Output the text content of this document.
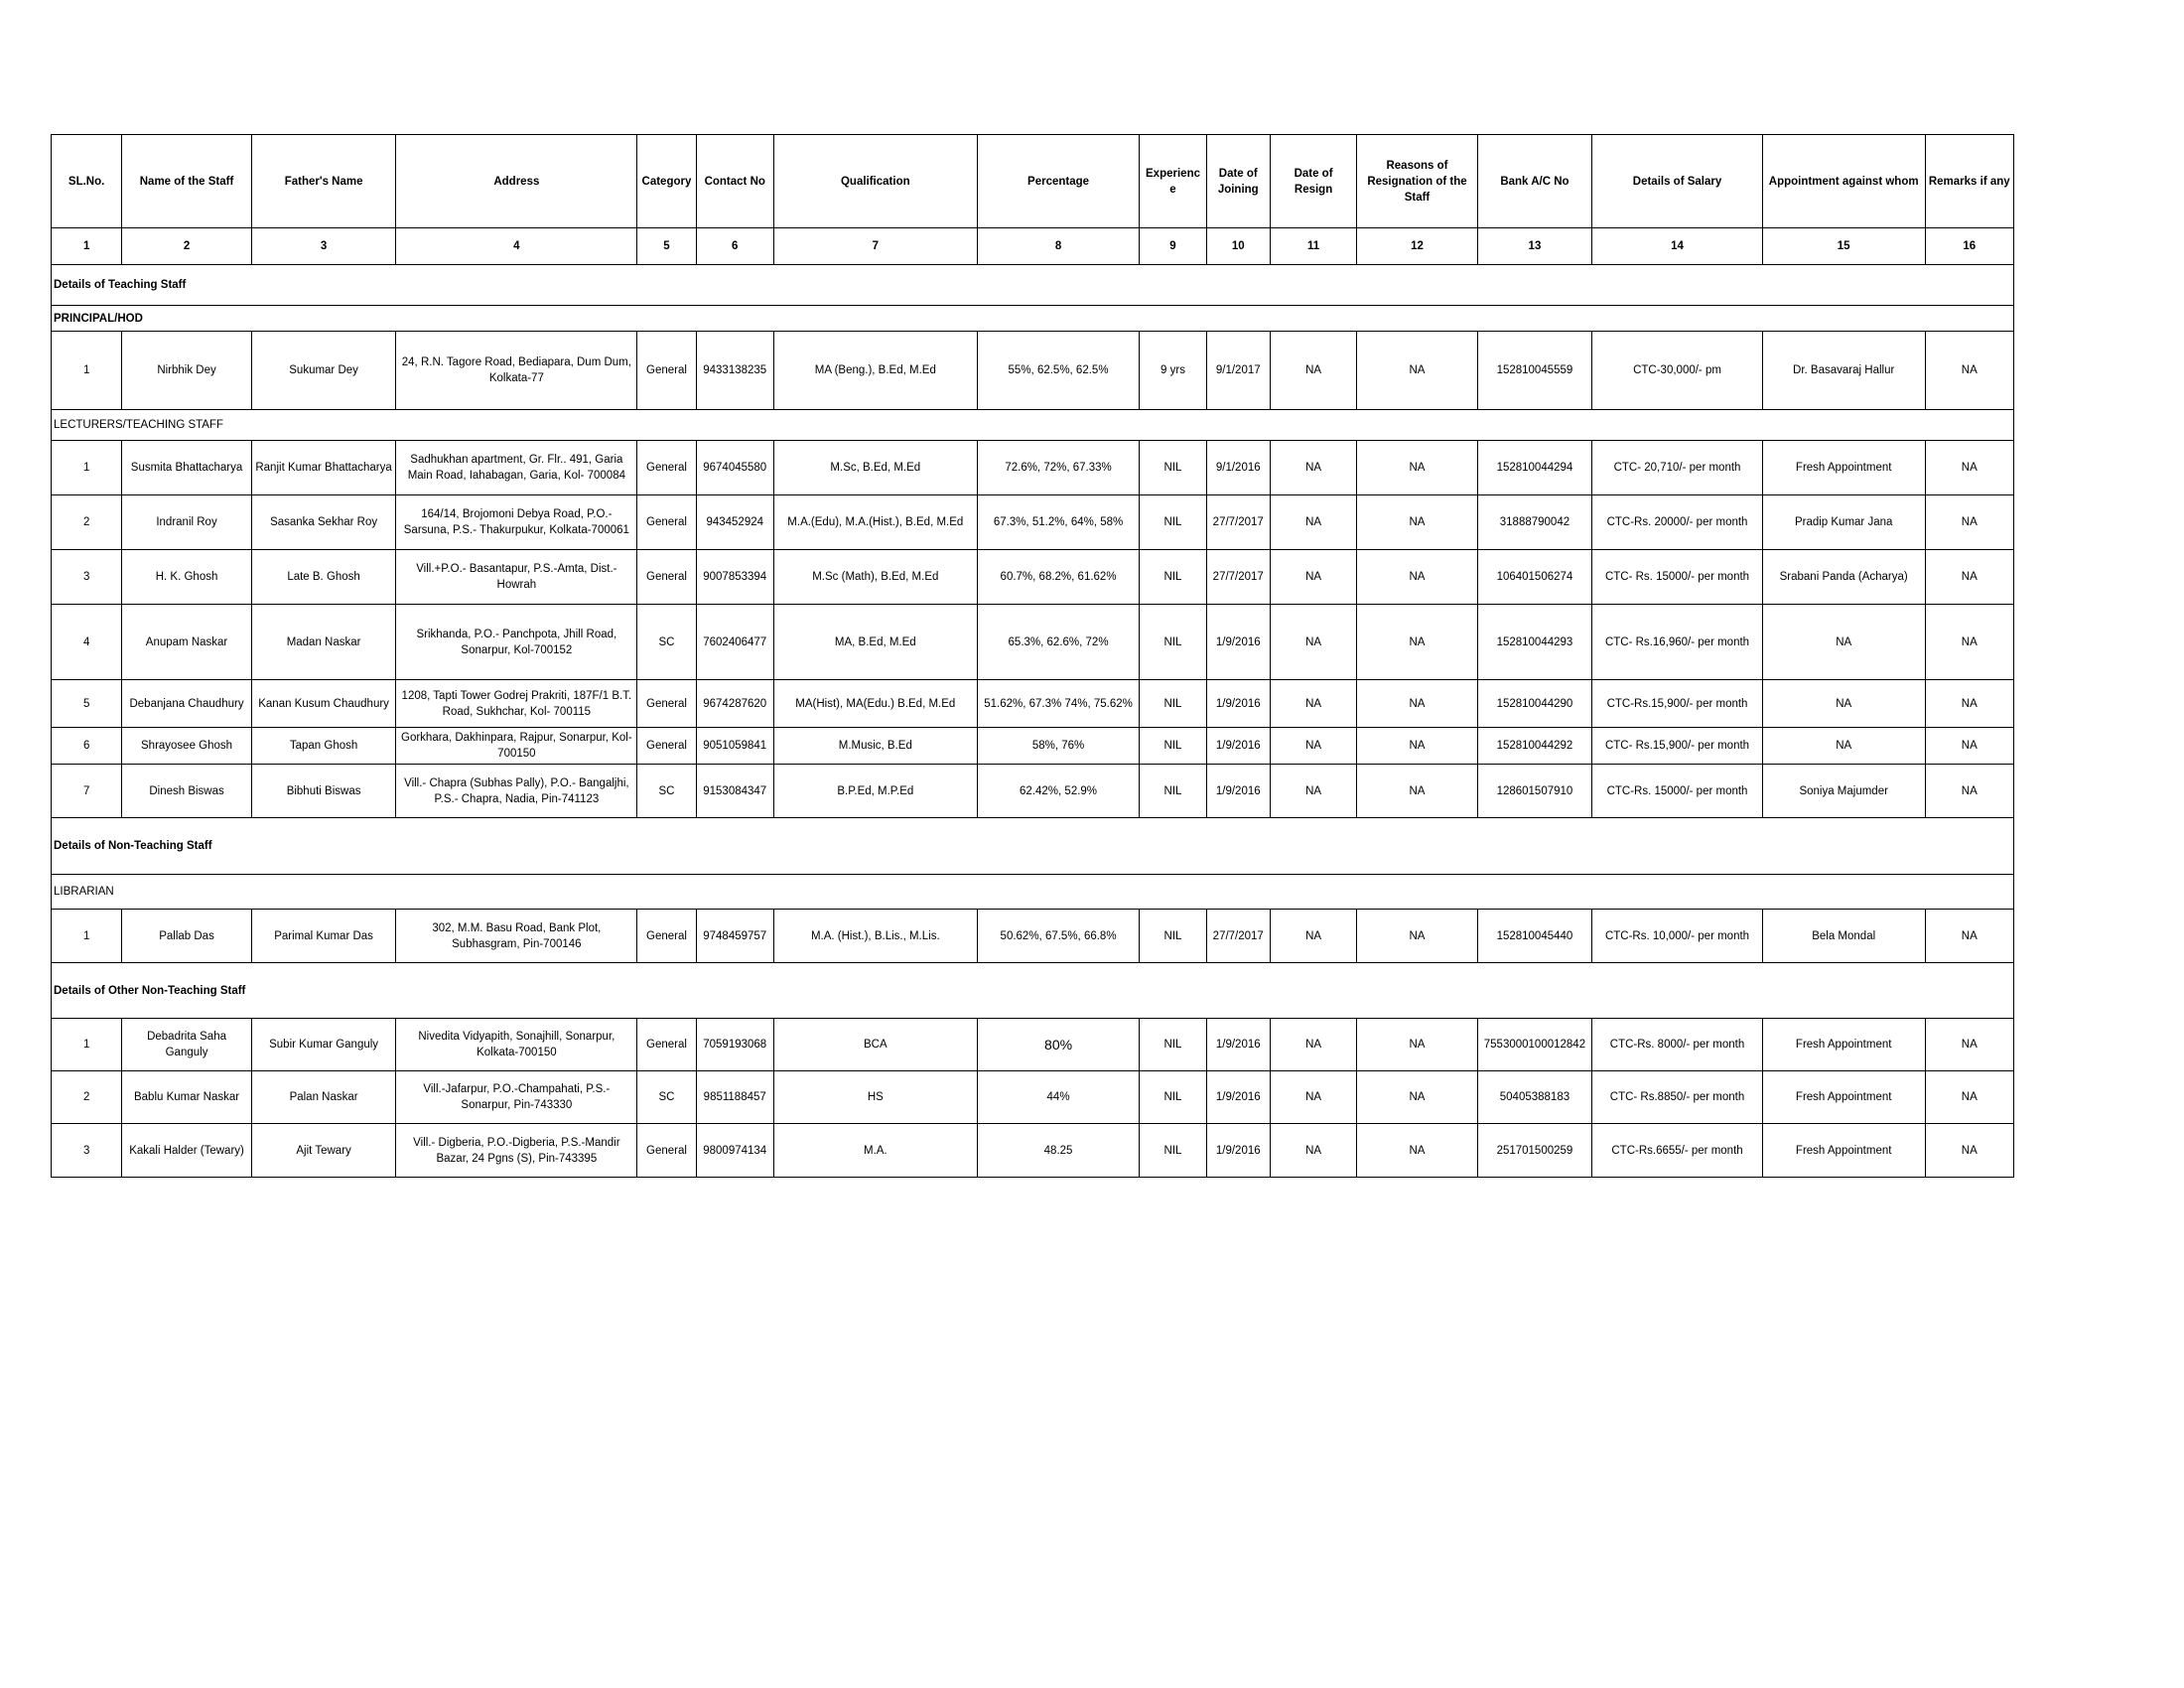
SL.No.	Name of the Staff	Father's Name	Address	Category	Contact No	Qualification	Percentage	Experience	Date of Joining	Date of Resign	Reasons of Resignation of the Staff	Bank A/C No	Details of Salary	Appointment against whom	Remarks if any
1	2	3	4	5	6	7	8	9	10	11	12	13	14	15	16
Details of Teaching Staff															
PRINCIPAL/HOD															
1	Nirbhik Dey	Sukumar Dey	24, R.N. Tagore Road, Bediapara, Dum Dum, Kolkata-77	General	9433138235	MA (Beng.), B.Ed, M.Ed	55%, 62.5%, 62.5%	9 yrs	9/1/2017	NA	NA	152810045559	CTC-30,000/- pm	Dr. Basavaraj Hallur	NA
LECTURERS/TEACHING STAFF															
1	Susmita Bhattacharya	Ranjit Kumar Bhattacharya	Sadhukhan apartment, Gr. Flr.. 491, Garia Main Road, Iahabagan, Garia, Kol- 700084	General	9674045580	M.Sc, B.Ed, M.Ed	72.6%, 72%, 67.33%	NIL	9/1/2016	NA	NA	152810044294	CTC- 20,710/- per month	Fresh Appointment	NA
2	Indranil Roy	Sasanka Sekhar Roy	164/14, Brojomoni Debya Road, P.O.- Sarsuna, P.S.- Thakurpukur, Kolkata-700061	General	943452924	M.A.(Edu), M.A.(Hist.), B.Ed, M.Ed	67.3%, 51.2%, 64%, 58%	NIL	27/7/2017	NA	NA	31888790042	CTC-Rs. 20000/- per month	Pradip Kumar Jana	NA
3	H. K. Ghosh	Late B. Ghosh	Vill.+P.O.- Basantapur, P.S.-Amta, Dist.- Howrah	General	9007853394	M.Sc (Math), B.Ed, M.Ed	60.7%, 68.2%, 61.62%	NIL	27/7/2017	NA	NA	106401506274	CTC- Rs. 15000/- per month	Srabani Panda (Acharya)	NA
4	Anupam Naskar	Madan Naskar	Srikhanda, P.O.- Panchpota, Jhill Road, Sonarpur, Kol-700152	SC	7602406477	MA, B.Ed, M.Ed	65.3%, 62.6%, 72%	NIL	1/9/2016	NA	NA	152810044293	CTC- Rs.16,960/- per month	NA	NA
5	Debanjana Chaudhury	Kanan Kusum Chaudhury	1208, Tapti Tower Godrej Prakriti, 187F/1 B.T. Road, Sukhchar, Kol- 700115	General	9674287620	MA(Hist), MA(Edu.) B.Ed, M.Ed	51.62%, 67.3% 74%, 75.62%	NIL	1/9/2016	NA	NA	152810044290	CTC-Rs.15,900/- per month	NA	NA
6	Shrayosee Ghosh	Tapan Ghosh	Gorkhara, Dakhinpara, Rajpur, Sonarpur, Kol-700150	General	9051059841	M.Music, B.Ed	58%, 76%	NIL	1/9/2016	NA	NA	152810044292	CTC- Rs.15,900/- per month	NA	NA
7	Dinesh Biswas	Bibhuti Biswas	Vill.- Chapra (Subhas Pally), P.O.- Bangaljhi, P.S.- Chapra, Nadia, Pin-741123	SC	9153084347	B.P.Ed, M.P.Ed	62.42%, 52.9%	NIL	1/9/2016	NA	NA	128601507910	CTC-Rs. 15000/- per month	Soniya Majumder	NA
Details of Non-Teaching Staff															
LIBRARIAN															
1	Pallab Das	Parimal Kumar Das	302, M.M. Basu Road, Bank Plot, Subhasgram, Pin-700146	General	9748459757	M.A. (Hist.), B.Lis., M.Lis.	50.62%, 67.5%, 66.8%	NIL	27/7/2017	NA	NA	152810045440	CTC-Rs. 10,000/- per month	Bela Mondal	NA
Details of Other Non-Teaching Staff															
1	Debadrita Saha Ganguly	Subir Kumar Ganguly	Nivedita Vidyapith, Sonajhill, Sonarpur, Kolkata-700150	General	7059193068	BCA	80%	NIL	1/9/2016	NA	NA	7553000100012842	CTC-Rs. 8000/- per month	Fresh Appointment	NA
2	Bablu Kumar Naskar	Palan Naskar	Vill.-Jafarpur, P.O.-Champahati, P.S.- Sonarpur, Pin-743330	SC	9851188457	HS	44%	NIL	1/9/2016	NA	NA	50405388183	CTC- Rs.8850/- per month	Fresh Appointment	NA
3	Kakali Halder (Tewary)	Ajit Tewary	Vill.- Digberia, P.O.-Digberia, P.S.-Mandir Bazar, 24 Pgns (S), Pin-743395	General	9800974134	M.A.	48.25	NIL	1/9/2016	NA	NA	251701500259	CTC-Rs.6655/- per month	Fresh Appointment	NA
